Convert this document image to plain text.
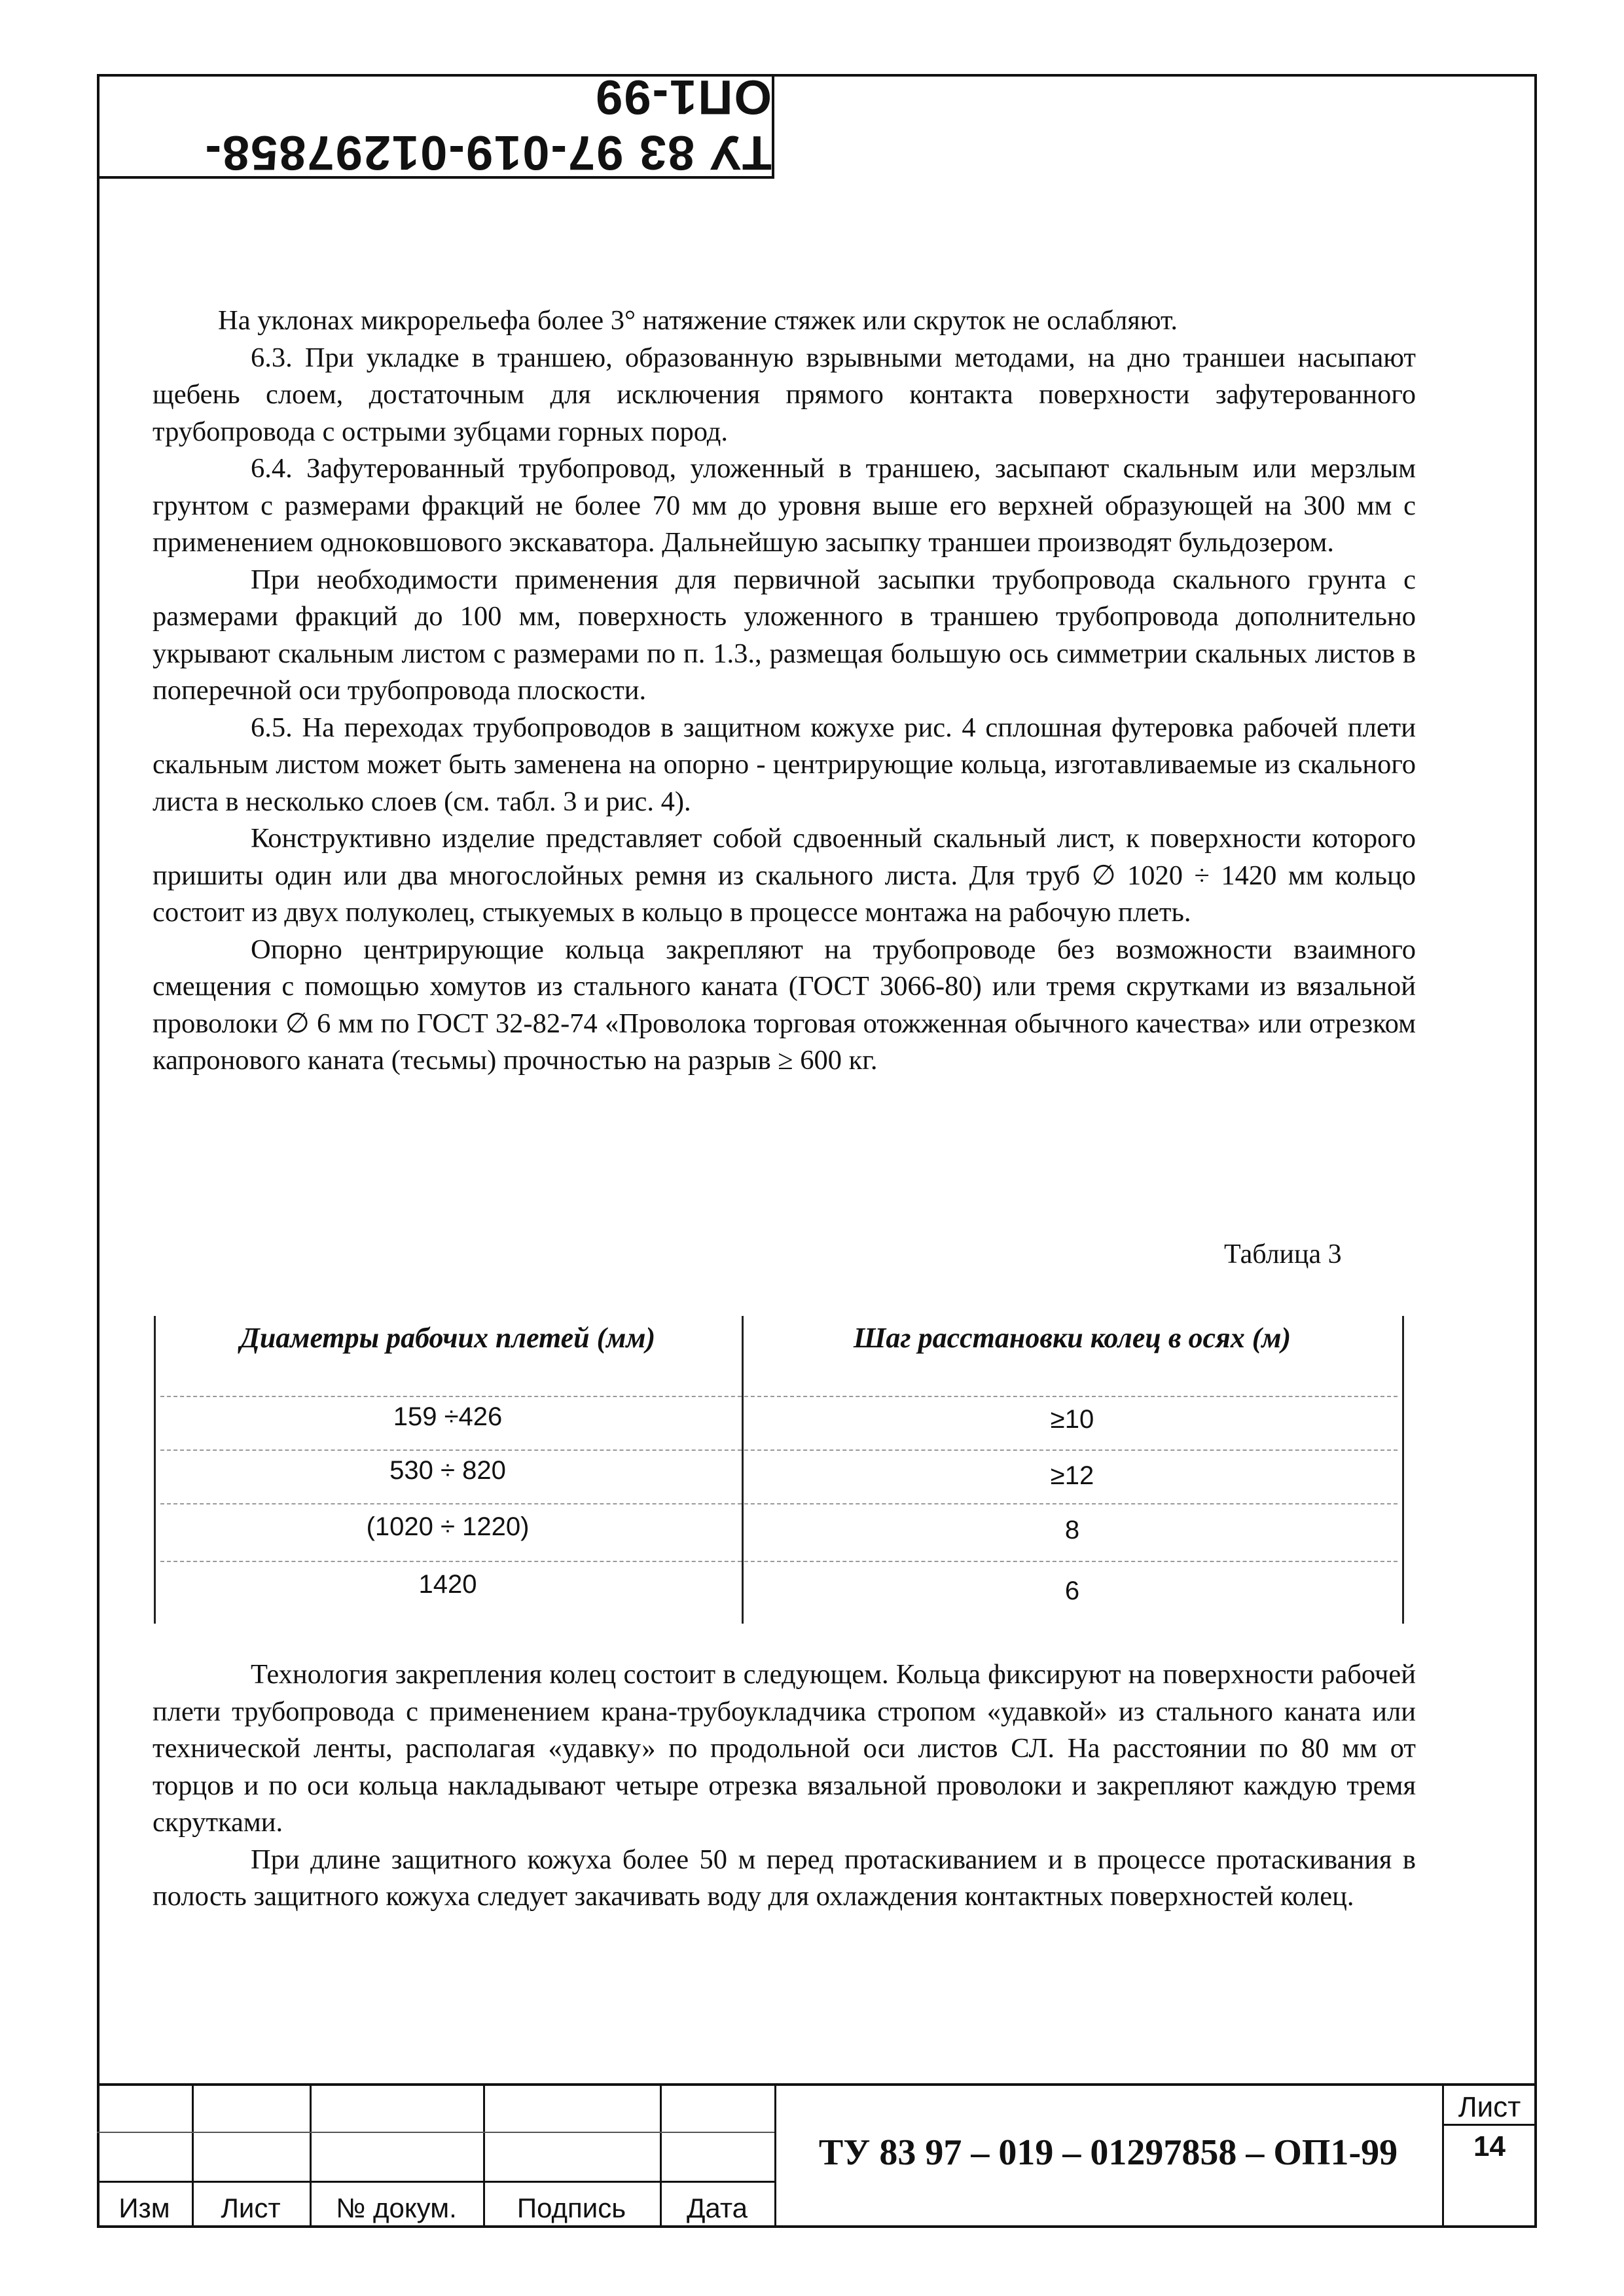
ТУ 83 97-019-01297858-ОП1-99

На уклонах микрорельефа более 3° натяжение стяжек или скруток не ослабляют.

6.3. При укладке в траншею, образованную взрывными методами, на дно траншеи насыпают щебень слоем, достаточным для исключения прямого контакта поверхности зафутерованного трубопровода с острыми зубцами горных пород.

6.4. Зафутерованный трубопровод, уложенный в траншею, засыпают скальным или мерзлым грунтом с размерами фракций не более 70 мм до уровня выше его верхней образующей на 300 мм с применением одноковшового экскаватора. Дальнейшую засыпку траншеи производят бульдозером.

При необходимости применения для первичной засыпки трубопровода скального грунта с размерами фракций до 100 мм, поверхность уложенного в траншею трубопровода дополнительно укрывают скальным листом с размерами по п. 1.3., размещая большую ось симметрии скальных листов в поперечной оси трубопровода плоскости.

6.5. На переходах трубопроводов в защитном кожухе рис. 4 сплошная футеровка рабочей плети скальным листом может быть заменена на опорно - центрирующие кольца, изготавливаемые из скального листа в несколько слоев (см. табл. 3 и рис. 4).

Конструктивно изделие представляет собой сдвоенный скальный лист, к поверхности которого пришиты один или два многослойных ремня из скального листа. Для труб ∅ 1020 ÷ 1420 мм кольцо состоит из двух полуколец, стыкуемых в кольцо в процессе монтажа на рабочую плеть.

Опорно центрирующие кольца закрепляют на трубопроводе без возможности взаимного смещения с помощью хомутов из стального каната (ГОСТ 3066-80) или тремя скрутками из вязальной проволоки ∅ 6 мм по ГОСТ 32-82-74 «Проволока торговая отожженная обычного качества» или отрезком капронового каната (тесьмы) прочностью на разрыв ≥ 600 кг.

Таблица 3
Диаметры рабочих плетей (мм)	Шаг расстановки колец в осях (м)
159 ÷426	≥10
530 ÷ 820	≥12
(1020 ÷ 1220)	8
1420	6

Технология закрепления колец состоит в следующем. Кольца фиксируют на поверхности рабочей плети трубопровода с применением крана-трубоукладчика стропом «удавкой» из стального каната или технической ленты, располагая «удавку» по продольной оси листов СЛ. На расстоянии по 80 мм от торцов и по оси кольца накладывают четыре отрезка вязальной проволоки и закрепляют каждую тремя скрутками.

При длине защитного кожуха более 50 м перед протаскиванием и в процессе протаскивания в полость защитного кожуха следует закачивать воду для охлаждения контактных поверхностей колец.

Изм	Лист	№ докум.	Подпись	Дата
ТУ 83 97 – 019 – 01297858 – ОП1-99
Лист
14
